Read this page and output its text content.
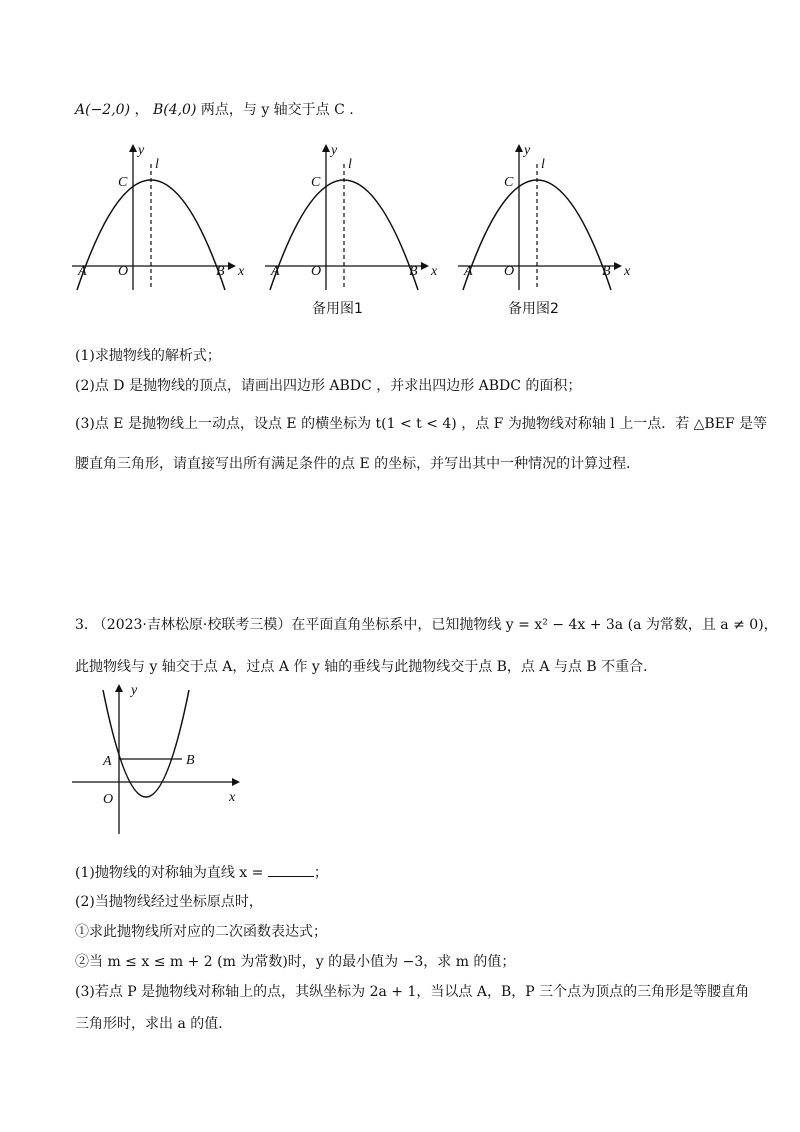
A(−2,0) ， B(4,0) 两点，与 y 轴交于点 C .
y
l
C
A O	B x
y
l
C
A O	B x
y
l
C
A O	B x
y
A	B
O	x
备用图1	备用图2
(1)求抛物线的解析式；
(2)点 D 是抛物线的顶点，请画出四边形 ABDC ，并求出四边形 ABDC 的面积；
(3)点 E 是抛物线上一动点，设点 E 的横坐标为 t(1 < t < 4) ，点 F 为抛物线对称轴 l 上一点．若 △BEF 是等
腰直角三角形，请直接写出所有满足条件的点 E 的坐标，并写出其中一种情况的计算过程．
3. （2023·吉林松原·校联考三模）在平面直角坐标系中，已知抛物线 y = x² − 4x + 3a (a 为常数，且 a ≠ 0)，
此抛物线与 y 轴交于点 A，过点 A 作 y 轴的垂线与此抛物线交于点 B，点 A 与点 B 不重合．
(1)抛物线的对称轴为直线 x =	；
(2)当抛物线经过坐标原点时，
①求此抛物线所对应的二次函数表达式；
②当 m ≤ x ≤ m + 2 (m 为常数)时，y 的最小值为 −3，求 m 的值；
(3)若点 P 是抛物线对称轴上的点，其纵坐标为 2a + 1，当以点 A，B，P 三个点为顶点的三角形是等腰直角
三角形时，求出 a 的值．
